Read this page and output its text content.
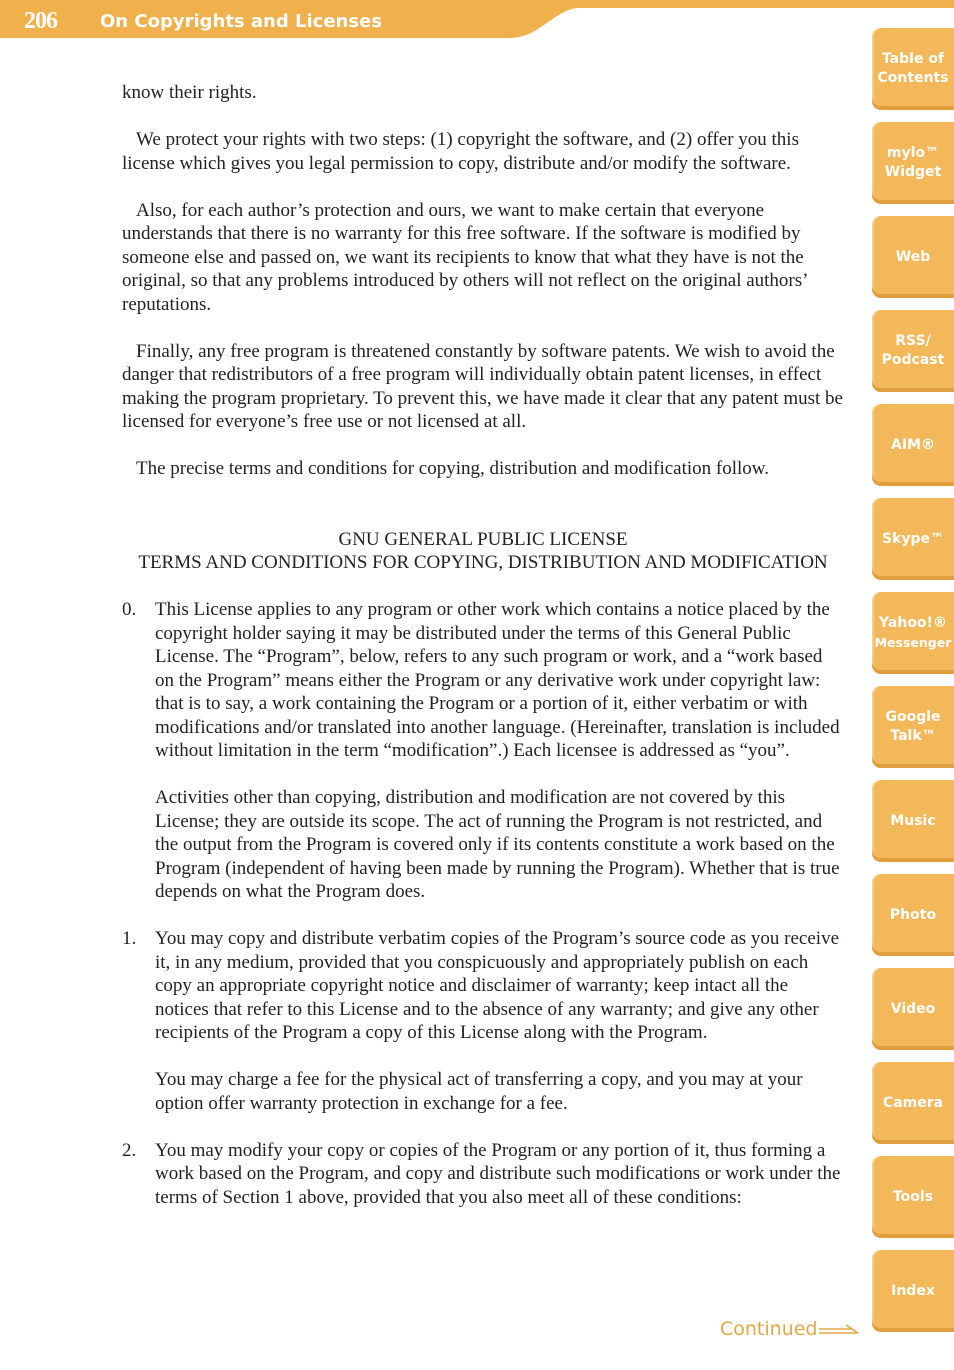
206 On Copyrights and Licenses

know their rights.

We protect your rights with two steps: (1) copyright the software, and (2) offer you this license which gives you legal permission to copy, distribute and/or modify the software.

Also, for each author’s protection and ours, we want to make certain that everyone understands that there is no warranty for this free software. If the software is modified by someone else and passed on, we want its recipients to know that what they have is not the original, so that any problems introduced by others will not reflect on the original authors’ reputations.

Finally, any free program is threatened constantly by software patents. We wish to avoid the danger that redistributors of a free program will individually obtain patent licenses, in effect making the program proprietary. To prevent this, we have made it clear that any patent must be licensed for everyone’s free use or not licensed at all.

The precise terms and conditions for copying, distribution and modification follow.

GNU GENERAL PUBLIC LICENSE
TERMS AND CONDITIONS FOR COPYING, DISTRIBUTION AND MODIFICATION
0. This License applies to any program or other work which contains a notice placed by the copyright holder saying it may be distributed under the terms of this General Public License. The “Program”, below, refers to any such program or work, and a “work based on the Program” means either the Program or any derivative work under copyright law: that is to say, a work containing the Program or a portion of it, either verbatim or with modifications and/or translated into another language. (Hereinafter, translation is included without limitation in the term “modification”.) Each licensee is addressed as “you”.

Activities other than copying, distribution and modification are not covered by this License; they are outside its scope. The act of running the Program is not restricted, and the output from the Program is covered only if its contents constitute a work based on the Program (independent of having been made by running the Program). Whether that is true depends on what the Program does.

1. You may copy and distribute verbatim copies of the Program’s source code as you receive it, in any medium, provided that you conspicuously and appropriately publish on each copy an appropriate copyright notice and disclaimer of warranty; keep intact all the notices that refer to this License and to the absence of any warranty; and give any other recipients of the Program a copy of this License along with the Program.

You may charge a fee for the physical act of transferring a copy, and you may at your option offer warranty protection in exchange for a fee.

2. You may modify your copy or copies of the Program or any portion of it, thus forming a work based on the Program, and copy and distribute such modifications or work under the terms of Section 1 above, provided that you also meet all of these conditions:

Table of
Contents
mylo™
Widget
Web
RSS/
Podcast
AIM®
Skype™
Yahoo!®
Messenger
Google
Talk™
Music
Photo
Video
Camera
Tools
Index
Continued
